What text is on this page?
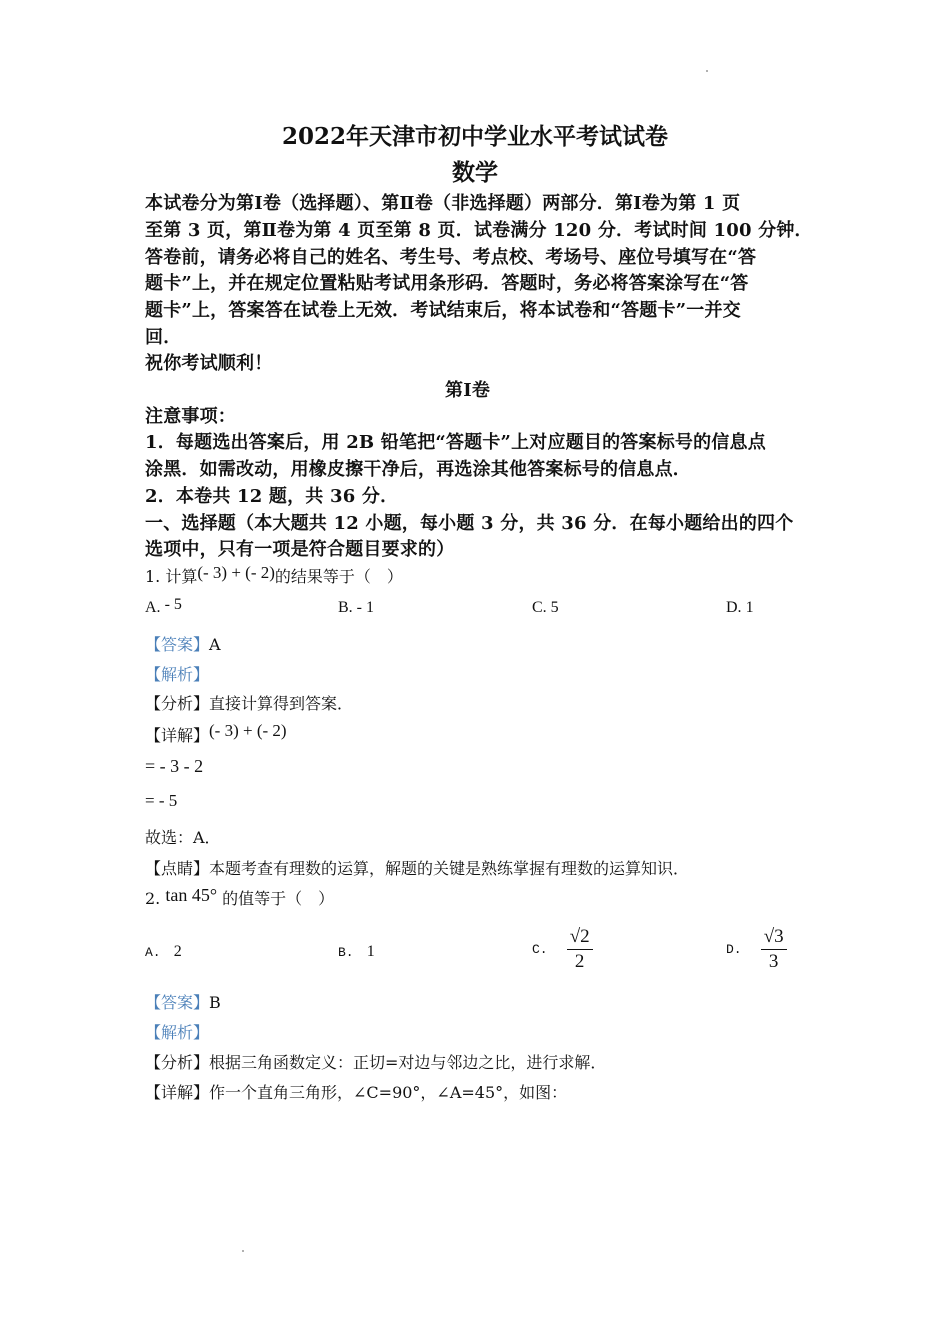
2022年天津市初中学业水平考试试卷
数学
本试卷分为第Ⅰ卷（选择题）、第Ⅱ卷（非选择题）两部分．第Ⅰ卷为第 1 页
至第 3 页，第Ⅱ卷为第 4 页至第 8 页．试卷满分 120 分．考试时间 100 分钟．
答卷前，请务必将自己的姓名、考生号、考点校、考场号、座位号填写在“答
题卡”上，并在规定位置粘贴考试用条形码．答题时，务必将答案涂写在“答
题卡”上，答案答在试卷上无效．考试结束后，将本试卷和“答题卡”一并交
回．
祝你考试顺利！
第Ⅰ卷
注意事项：
1．每题选出答案后，用 2B 铅笔把“答题卡”上对应题目的答案标号的信息点
涂黑．如需改动，用橡皮擦干净后，再选涂其他答案标号的信息点．
2．本卷共 12 题，共 36 分．
一、选择题（本大题共 12 小题，每小题 3 分，共 36 分．在每小题给出的四个
选项中，只有一项是符合题目要求的）
1. 计算(- 3) + (- 2)的结果等于（　）
A. - 5	B. - 1	C. 5	D. 1
【答案】A
【解析】
【分析】直接计算得到答案．
【详解】(- 3) + (- 2)
= - 3 - 2
= - 5
故选：A．
【点睛】本题考查有理数的运算，解题的关键是熟练掌握有理数的运算知识．
2. tan 45° 的值等于（　）
A. 2	B. 1	C. $\frac{√2}{2}$	D. $\frac{√3}{3}$
【答案】B
【解析】
【分析】根据三角函数定义：正切=对边与邻边之比，进行求解．
【详解】作一个直角三角形，∠C=90°，∠A=45°，如图：
